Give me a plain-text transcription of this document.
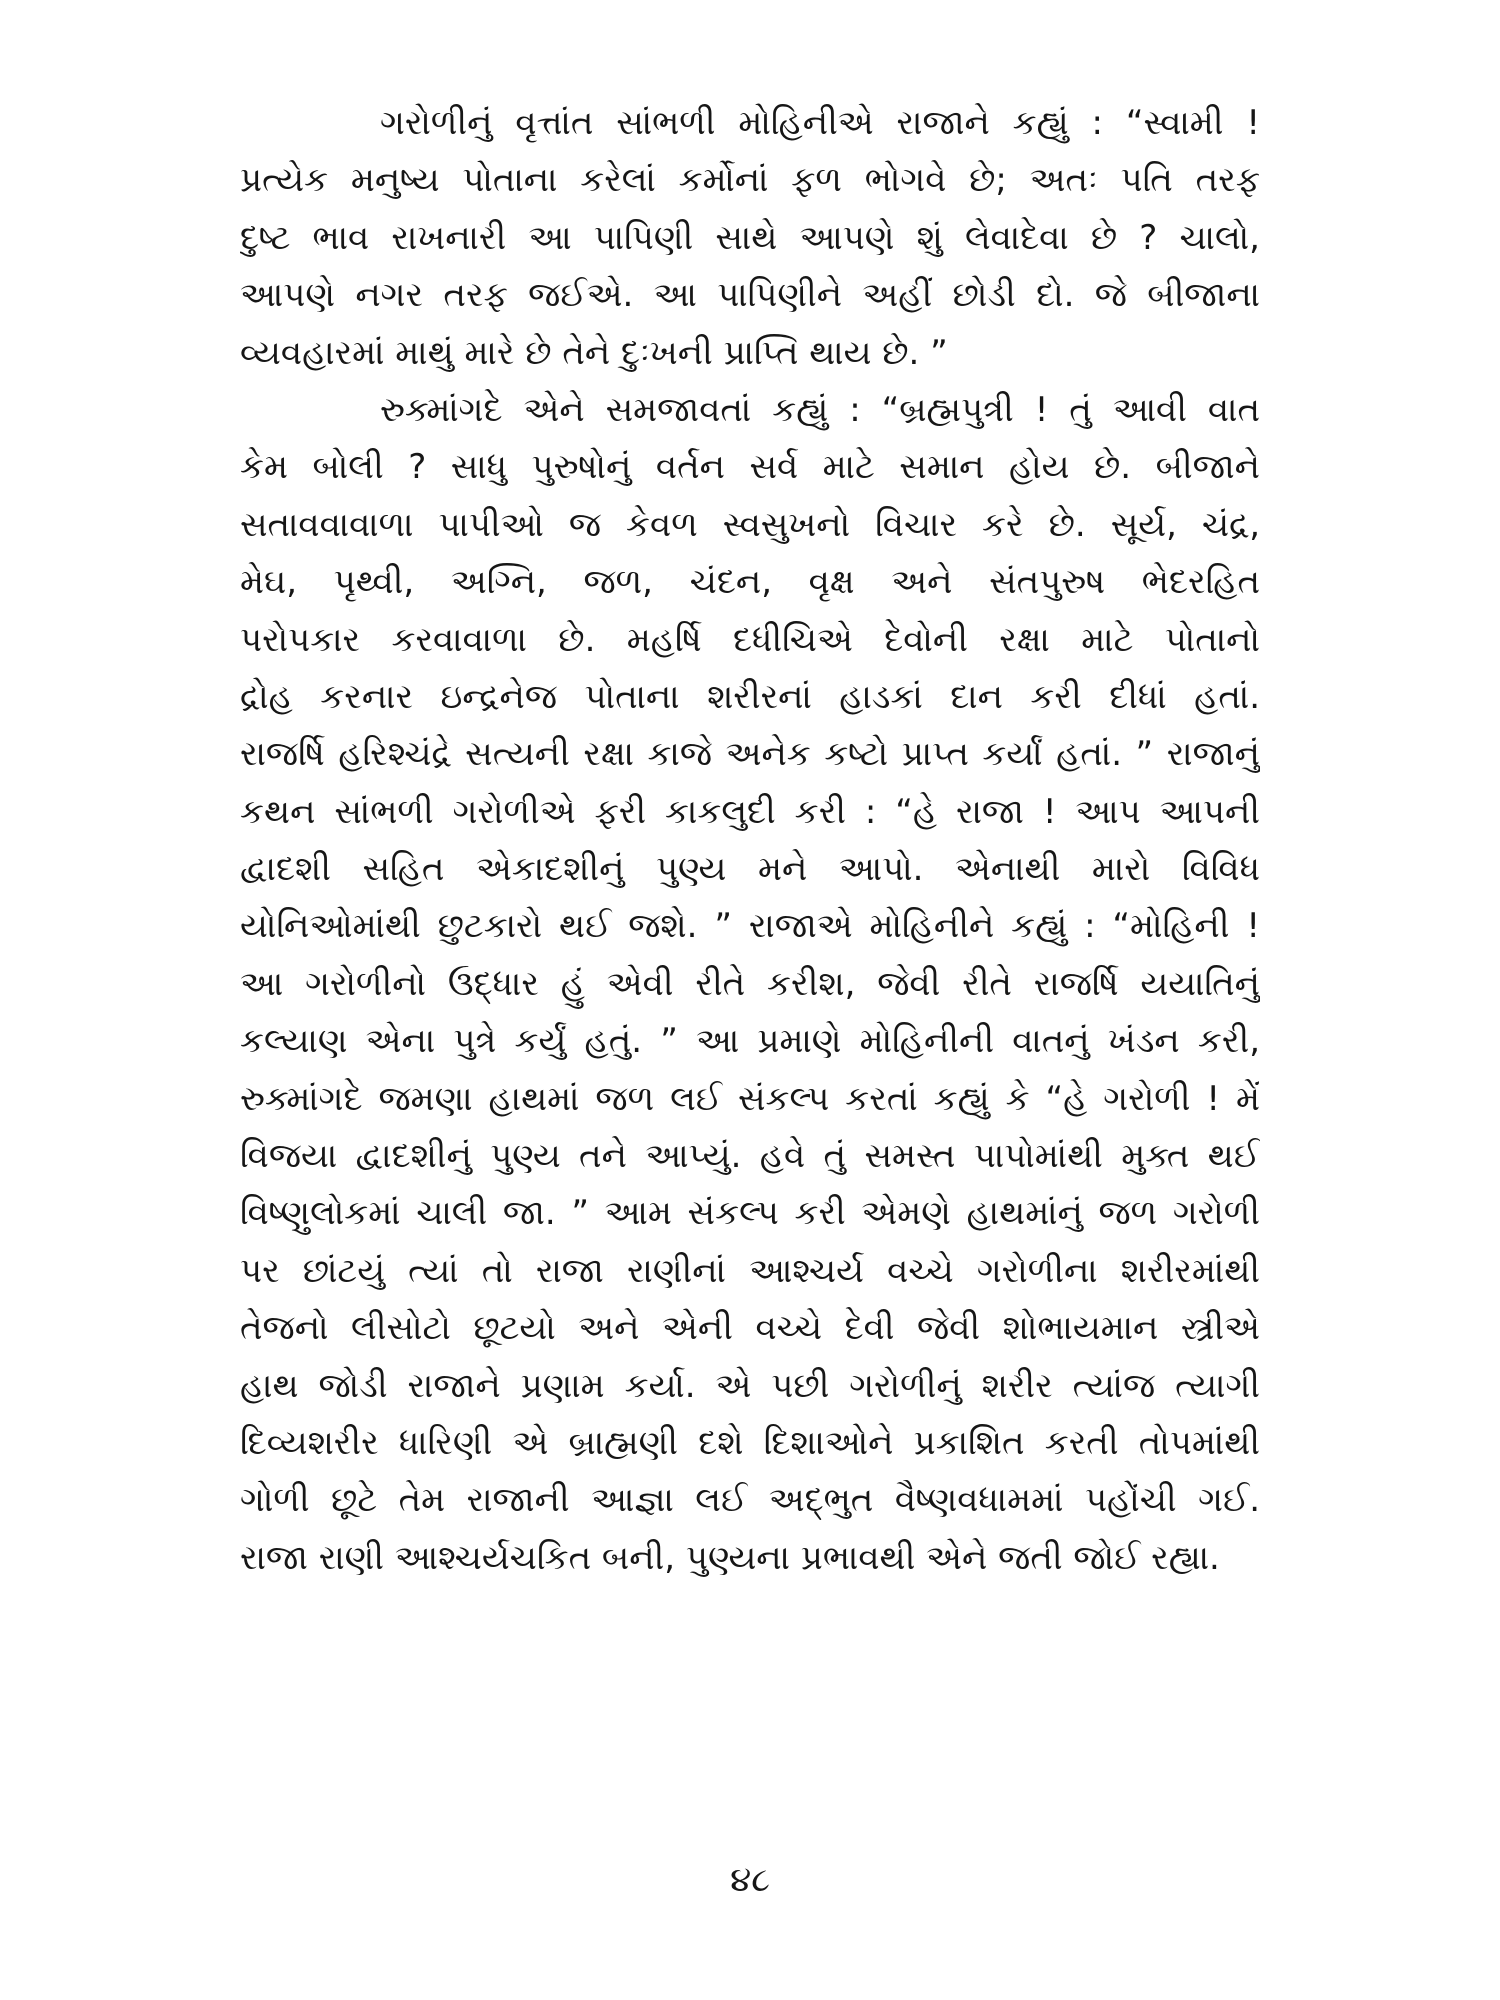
ગરોળીનું વૃત્તાંત સાંભળી મોહિનીએ રાજાને કહ્યું : “સ્વામી !
પ્રત્યેક મનુષ્ય પોતાના કરેલાં કર્મોનાં ફળ ભોગવે છે; અતઃ પતિ તરફ
દુષ્ટ ભાવ રાખનારી આ પાપિણી સાથે આપણે શું લેવાદેવા છે ? ચાલો,
આપણે નગર તરફ જઈએ. આ પાપિણીને અહીં છોડી દો. જે બીજાના
વ્યવહારમાં માથું મારે છે તેને દુઃખની પ્રાપ્તિ થાય છે. ”
રુક્માંગદે એને સમજાવતાં કહ્યું : “બ્રહ્મપુત્રી ! તું આવી વાત
કેમ બોલી ? સાધુ પુરુષોનું વર્તન સર્વ માટે સમાન હોય છે. બીજાને
સતાવવાવાળા પાપીઓ જ કેવળ સ્વસુખનો વિચાર કરે છે. સૂર્ય, ચંદ્ર,
મેઘ, પૃથ્વી, અગ્નિ, જળ, ચંદન, વૃક્ષ અને સંતપુરુષ ભેદરહિત
પરોપકાર કરવાવાળા છે. મહર્ષિ દધીચિએ દેવોની રક્ષા માટે પોતાનો
દ્રોહ કરનાર ઇન્દ્રનેજ પોતાના શરીરનાં હાડકાં દાન કરી દીધાં હતાં.
રાજર્ષિ હરિશ્ચંદ્રે સત્યની રક્ષા કાજે અનેક કષ્ટો પ્રાપ્ત કર્યાં હતાં. ” રાજાનું
કથન સાંભળી ગરોળીએ ફરી કાકલુદી કરી : “હે રાજા ! આપ આપની
દ્વાદશી સહિત એકાદશીનું પુણ્ય મને આપો. એનાથી મારો વિવિધ
યોનિઓમાંથી છુટકારો થઈ જશે. ” રાજાએ મોહિનીને કહ્યું : “મોહિની !
આ ગરોળીનો ઉદ્ધાર હું એવી રીતે કરીશ, જેવી રીતે રાજર્ષિ યયાતિનું
કલ્યાણ એના પુત્રે કર્યું હતું. ” આ પ્રમાણે મોહિનીની વાતનું ખંડન કરી,
રુક્માંગદે જમણા હાથમાં જળ લઈ સંકલ્પ કરતાં કહ્યું કે “હે ગરોળી ! મેં
વિજયા દ્વાદશીનું પુણ્ય તને આપ્યું. હવે તું સમસ્ત પાપોમાંથી મુક્ત થઈ
વિષ્ણુલોકમાં ચાલી જા. ” આમ સંકલ્પ કરી એમણે હાથમાંનું જળ ગરોળી
પર છાંટયું ત્યાં તો રાજા રાણીનાં આશ્ચર્ય વચ્ચે ગરોળીના શરીરમાંથી
તેજનો લીસોટો છૂટયો અને એની વચ્ચે દેવી જેવી શોભાયમાન સ્ત્રીએ
હાથ જોડી રાજાને પ્રણામ કર્યા. એ પછી ગરોળીનું શરીર ત્યાંજ ત્યાગી
દિવ્યશરીર ધારિણી એ બ્રાહ્મણી દશે દિશાઓને પ્રકાશિત કરતી તોપમાંથી
ગોળી છૂટે તેમ રાજાની આજ્ઞા લઈ અદ્ભુત વૈષ્ણવધામમાં પહોંચી ગઈ.
રાજા રાણી આશ્ચર્યચકિત બની, પુણ્યના પ્રભાવથી એને જતી જોઈ રહ્યા.
૪૮
